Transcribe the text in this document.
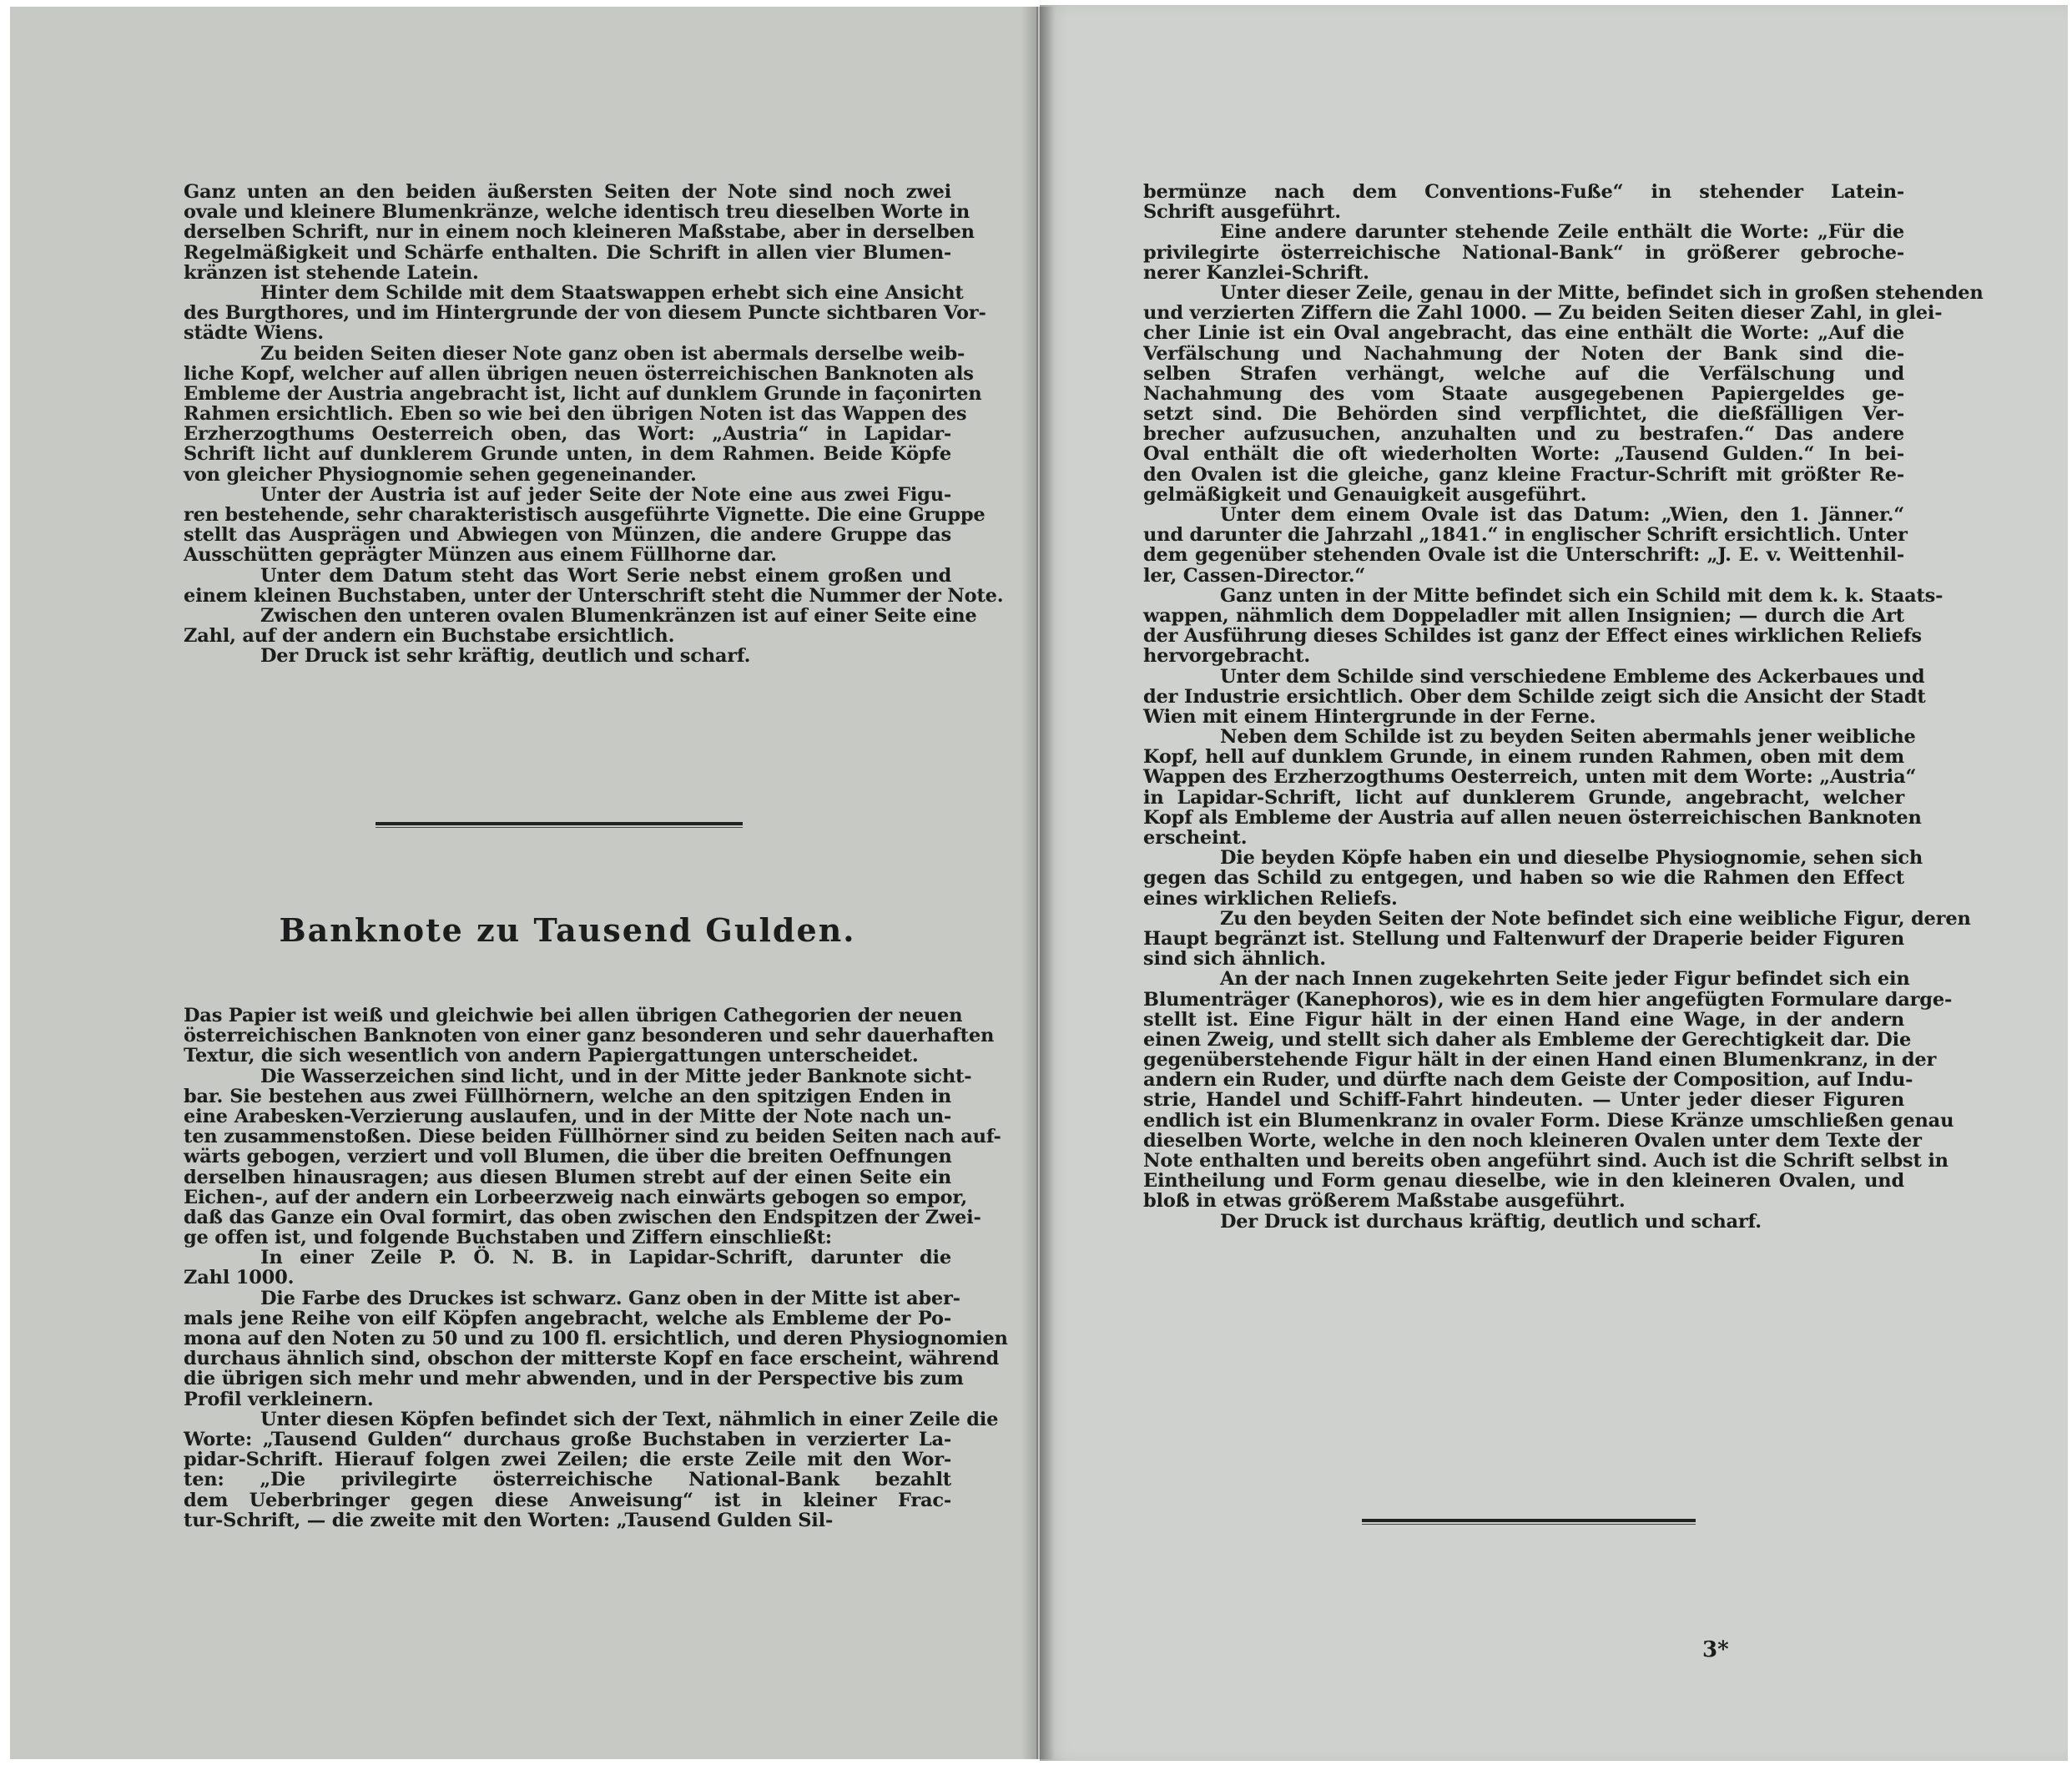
Ganz unten an den beiden äußersten Seiten der Note sind noch zwei

ovale und kleinere Blumenkränze, welche identisch treu dieselben Worte in

derselben Schrift, nur in einem noch kleineren Maßstabe, aber in derselben

Regelmäßigkeit und Schärfe enthalten. Die Schrift in allen vier Blumen-

kränzen ist stehende Latein.

Hinter dem Schilde mit dem Staatswappen erhebt sich eine Ansicht

des Burgthores, und im Hintergrunde der von diesem Puncte sichtbaren Vor-

städte Wiens.

Zu beiden Seiten dieser Note ganz oben ist abermals derselbe weib-

liche Kopf, welcher auf allen übrigen neuen österreichischen Banknoten als

Embleme der Austria angebracht ist, licht auf dunklem Grunde in façonirten

Rahmen ersichtlich. Eben so wie bei den übrigen Noten ist das Wappen des

Erzherzogthums Oesterreich oben, das Wort: „Austria“ in Lapidar-

Schrift licht auf dunklerem Grunde unten, in dem Rahmen. Beide Köpfe

von gleicher Physiognomie sehen gegeneinander.

Unter der Austria ist auf jeder Seite der Note eine aus zwei Figu-

ren bestehende, sehr charakteristisch ausgeführte Vignette. Die eine Gruppe

stellt das Ausprägen und Abwiegen von Münzen, die andere Gruppe das

Ausschütten geprägter Münzen aus einem Füllhorne dar.

Unter dem Datum steht das Wort Serie nebst einem großen und

einem kleinen Buchstaben, unter der Unterschrift steht die Nummer der Note.

Zwischen den unteren ovalen Blumenkränzen ist auf einer Seite eine

Zahl, auf der andern ein Buchstabe ersichtlich.

Der Druck ist sehr kräftig, deutlich und scharf.

Banknote zu Tausend Gulden.

Das Papier ist weiß und gleichwie bei allen übrigen Cathegorien der neuen

österreichischen Banknoten von einer ganz besonderen und sehr dauerhaften

Textur, die sich wesentlich von andern Papiergattungen unterscheidet.

Die Wasserzeichen sind licht, und in der Mitte jeder Banknote sicht-

bar. Sie bestehen aus zwei Füllhörnern, welche an den spitzigen Enden in

eine Arabesken-Verzierung auslaufen, und in der Mitte der Note nach un-

ten zusammenstoßen. Diese beiden Füllhörner sind zu beiden Seiten nach auf-

wärts gebogen, verziert und voll Blumen, die über die breiten Oeffnungen

derselben hinausragen; aus diesen Blumen strebt auf der einen Seite ein

Eichen-, auf der andern ein Lorbeerzweig nach einwärts gebogen so empor,

daß das Ganze ein Oval formirt, das oben zwischen den Endspitzen der Zwei-

ge offen ist, und folgende Buchstaben und Ziffern einschließt:

In einer Zeile P. Ö. N. B. in Lapidar-Schrift, darunter die

Zahl 1000.

Die Farbe des Druckes ist schwarz. Ganz oben in der Mitte ist aber-

mals jene Reihe von eilf Köpfen angebracht, welche als Embleme der Po-

mona auf den Noten zu 50 und zu 100 fl. ersichtlich, und deren Physiognomien

durchaus ähnlich sind, obschon der mitterste Kopf en face erscheint, während

die übrigen sich mehr und mehr abwenden, und in der Perspective bis zum

Profil verkleinern.

Unter diesen Köpfen befindet sich der Text, nähmlich in einer Zeile die

Worte: „Tausend Gulden“ durchaus große Buchstaben in verzierter La-

pidar-Schrift. Hierauf folgen zwei Zeilen; die erste Zeile mit den Wor-

ten: „Die privilegirte österreichische National-Bank bezahlt

dem Ueberbringer gegen diese Anweisung“ ist in kleiner Frac-

tur-Schrift, — die zweite mit den Worten: „Tausend Gulden Sil-

bermünze nach dem Conventions-Fuße“ in stehender Latein-

Schrift ausgeführt.

Eine andere darunter stehende Zeile enthält die Worte: „Für die

privilegirte österreichische National-Bank“ in größerer gebroche-

nerer Kanzlei-Schrift.

Unter dieser Zeile, genau in der Mitte, befindet sich in großen stehenden

und verzierten Ziffern die Zahl 1000. — Zu beiden Seiten dieser Zahl, in glei-

cher Linie ist ein Oval angebracht, das eine enthält die Worte: „Auf die

Verfälschung und Nachahmung der Noten der Bank sind die-

selben Strafen verhängt, welche auf die Verfälschung und

Nachahmung des vom Staate ausgegebenen Papiergeldes ge-

setzt sind. Die Behörden sind verpflichtet, die dießfälligen Ver-

brecher aufzusuchen, anzuhalten und zu bestrafen.“ Das andere

Oval enthält die oft wiederholten Worte: „Tausend Gulden.“ In bei-

den Ovalen ist die gleiche, ganz kleine Fractur-Schrift mit größter Re-

gelmäßigkeit und Genauigkeit ausgeführt.

Unter dem einem Ovale ist das Datum: „Wien, den 1. Jänner.“

und darunter die Jahrzahl „1841.“ in englischer Schrift ersichtlich. Unter

dem gegenüber stehenden Ovale ist die Unterschrift: „J. E. v. Weittenhil-

ler, Cassen-Director.“

Ganz unten in der Mitte befindet sich ein Schild mit dem k. k. Staats-

wappen, nähmlich dem Doppeladler mit allen Insignien; — durch die Art

der Ausführung dieses Schildes ist ganz der Effect eines wirklichen Reliefs

hervorgebracht.

Unter dem Schilde sind verschiedene Embleme des Ackerbaues und

der Industrie ersichtlich. Ober dem Schilde zeigt sich die Ansicht der Stadt

Wien mit einem Hintergrunde in der Ferne.

Neben dem Schilde ist zu beyden Seiten abermahls jener weibliche

Kopf, hell auf dunklem Grunde, in einem runden Rahmen, oben mit dem

Wappen des Erzherzogthums Oesterreich, unten mit dem Worte: „Austria“

in Lapidar-Schrift, licht auf dunklerem Grunde, angebracht, welcher

Kopf als Embleme der Austria auf allen neuen österreichischen Banknoten

erscheint.

Die beyden Köpfe haben ein und dieselbe Physiognomie, sehen sich

gegen das Schild zu entgegen, und haben so wie die Rahmen den Effect

eines wirklichen Reliefs.

Zu den beyden Seiten der Note befindet sich eine weibliche Figur, deren

Haupt begränzt ist. Stellung und Faltenwurf der Draperie beider Figuren

sind sich ähnlich.

An der nach Innen zugekehrten Seite jeder Figur befindet sich ein

Blumenträger (Kanephoros), wie es in dem hier angefügten Formulare darge-

stellt ist. Eine Figur hält in der einen Hand eine Wage, in der andern

einen Zweig, und stellt sich daher als Embleme der Gerechtigkeit dar. Die

gegenüberstehende Figur hält in der einen Hand einen Blumenkranz, in der

andern ein Ruder, und dürfte nach dem Geiste der Composition, auf Indu-

strie, Handel und Schiff-Fahrt hindeuten. — Unter jeder dieser Figuren

endlich ist ein Blumenkranz in ovaler Form. Diese Kränze umschließen genau

dieselben Worte, welche in den noch kleineren Ovalen unter dem Texte der

Note enthalten und bereits oben angeführt sind. Auch ist die Schrift selbst in

Eintheilung und Form genau dieselbe, wie in den kleineren Ovalen, und

bloß in etwas größerem Maßstabe ausgeführt.

Der Druck ist durchaus kräftig, deutlich und scharf.

3*
